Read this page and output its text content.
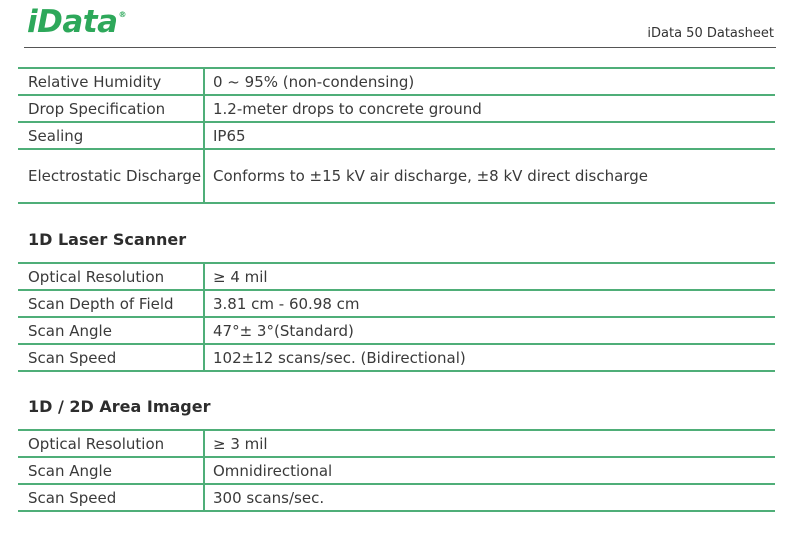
iData®
iData 50 Datasheet
Relative Humidity	0 ~ 95% (non-condensing)
Drop Specification	1.2-meter drops to concrete ground
Sealing	IP65
Electrostatic Discharge	Conforms to ±15 kV air discharge, ±8 kV direct discharge
1D Laser Scanner
Optical Resolution	≥ 4 mil
Scan Depth of Field	3.81 cm - 60.98 cm
Scan Angle	47°± 3°(Standard)
Scan Speed	102±12 scans/sec. (Bidirectional)
1D / 2D Area Imager
Optical Resolution	≥ 3 mil
Scan Angle	Omnidirectional
Scan Speed	300 scans/sec.
